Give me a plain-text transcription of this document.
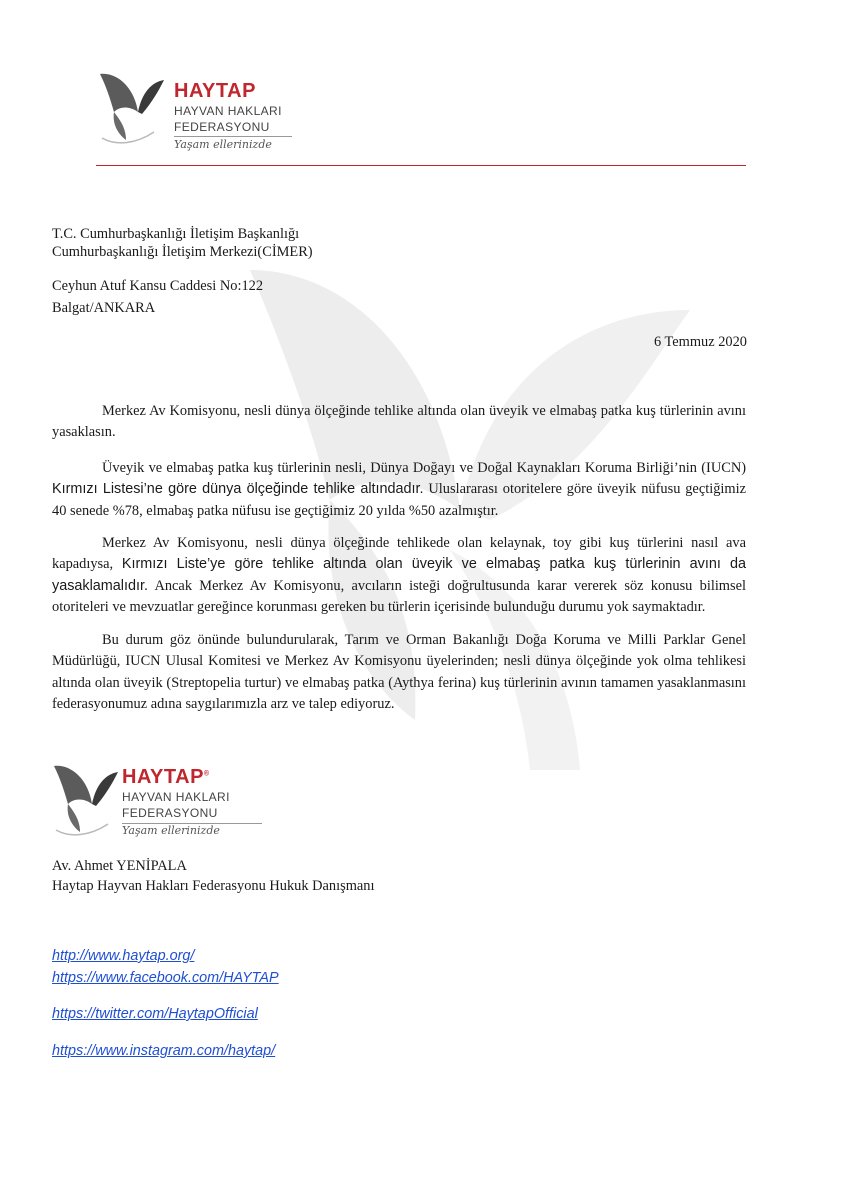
HAYTAP
HAYVAN HAKLARI
FEDERASYONU
Yaşam ellerinizde
T.C. Cumhurbaşkanlığı İletişim Başkanlığı
Cumhurbaşkanlığı İletişim Merkezi(CİMER)
Ceyhun Atuf Kansu Caddesi No:122
Balgat/ANKARA
6 Temmuz 2020

Merkez Av Komisyonu, nesli dünya ölçeğinde tehlike altında olan üveyik ve elmabaş patka kuş türlerinin avını yasaklasın.

Üveyik ve elmabaş patka kuş türlerinin nesli, Dünya Doğayı ve Doğal Kaynakları Koruma Birliği’nin (IUCN) Kırmızı Listesi’ne göre dünya ölçeğinde tehlike altındadır. Uluslararası otoritelere göre üveyik nüfusu geçtiğimiz 40 senede %78, elmabaş patka nüfusu ise geçtiğimiz 20 yılda %50 azalmıştır.

Merkez Av Komisyonu, nesli dünya ölçeğinde tehlikede olan kelaynak, toy gibi kuş türlerini nasıl ava kapadıysa, Kırmızı Liste’ye göre tehlike altında olan üveyik ve elmabaş patka kuş türlerinin avını da yasaklamalıdır. Ancak Merkez Av Komisyonu, avcıların isteği doğrultusunda karar vererek söz konusu bilimsel otoriteleri ve mevzuatlar gereğince korunması gereken bu türlerin içerisinde bulunduğu durumu yok saymaktadır.

Bu durum göz önünde bulundurularak, Tarım ve Orman Bakanlığı Doğa Koruma ve Milli Parklar Genel Müdürlüğü, IUCN Ulusal Komitesi ve Merkez Av Komisyonu üyelerinden; nesli dünya ölçeğinde yok olma tehlikesi altında olan üveyik (Streptopelia turtur) ve elmabaş patka (Aythya ferina) kuş türlerinin avının tamamen yasaklanmasını federasyonumuz adına saygılarımızla arz ve talep ediyoruz.

HAYTAP®
HAYVAN HAKLARI
FEDERASYONU
Yaşam ellerinizde
Av. Ahmet YENİPALA
Haytap Hayvan Hakları Federasyonu Hukuk Danışmanı
http://www.haytap.org/
https://www.facebook.com/HAYTAP
https://twitter.com/HaytapOfficial
https://www.instagram.com/haytap/
